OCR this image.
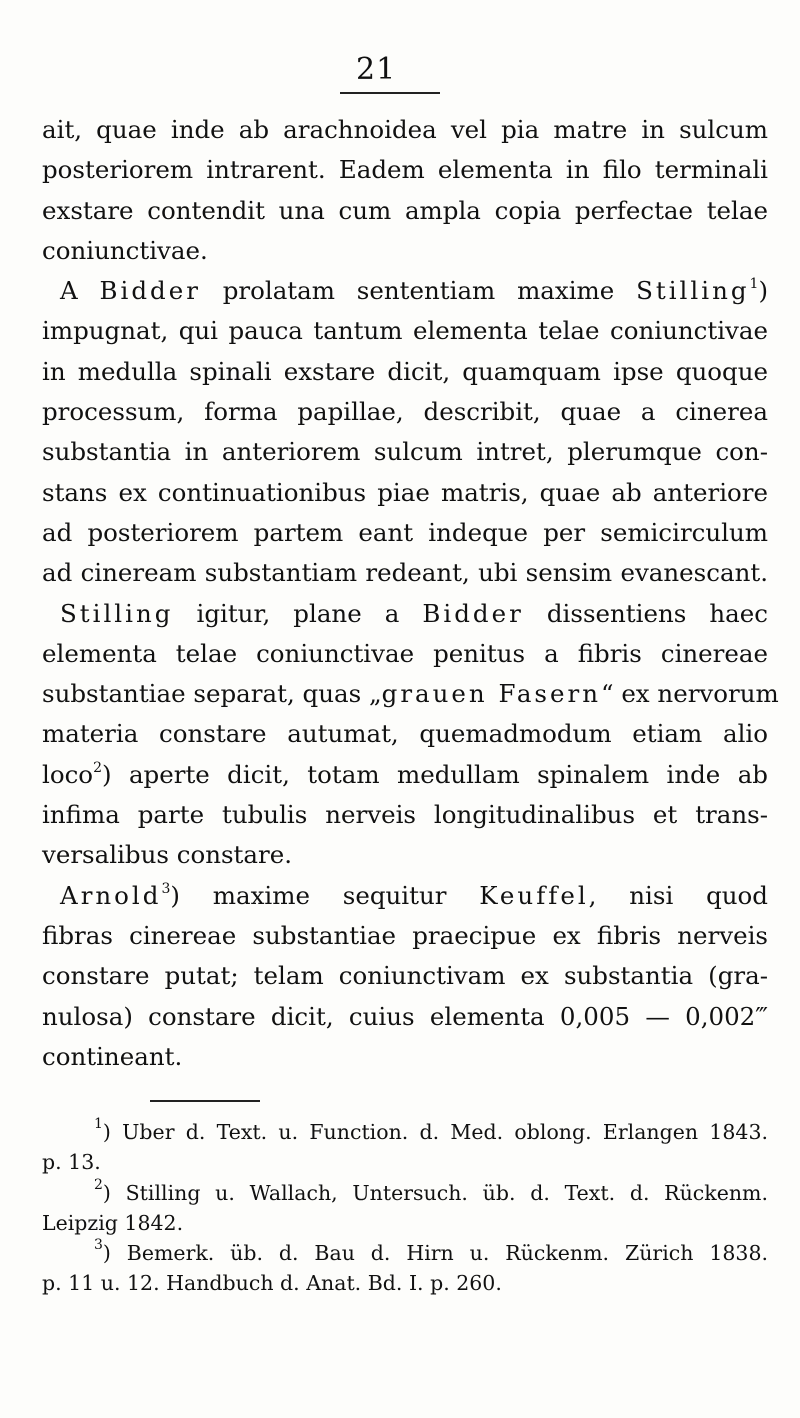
21
ait, quae inde ab arachnoidea vel pia matre in sulcum
posteriorem intrarent. Eadem elementa in filo terminali
exstare contendit una cum ampla copia perfectae telae
coniunctivae.
A Bidder prolatam sententiam maxime Stilling$^1$)
impugnat, qui pauca tantum elementa telae coniunctivae
in medulla spinali exstare dicit, quamquam ipse quoque
processum, forma papillae, describit, quae a cinerea
substantia in anteriorem sulcum intret, plerumque con-
stans ex continuationibus piae matris, quae ab anteriore
ad posteriorem partem eant indeque per semicirculum
ad cineream substantiam redeant, ubi sensim evanescant.
Stilling igitur, plane a Bidder dissentiens haec
elementa telae coniunctivae penitus a fibris cinereae
substantiae separat, quas „grauen Fasern“ ex nervorum
materia constare autumat, quemadmodum etiam alio
loco$^2$) aperte dicit, totam medullam spinalem inde ab
infima parte tubulis nerveis longitudinalibus et trans-
versalibus constare.
Arnold$^3$) maxime sequitur Keuffel, nisi quod
fibras cinereae substantiae praecipue ex fibris nerveis
constare putat; telam coniunctivam ex substantia (gra-
nulosa) constare dicit, cuius elementa 0,005 — 0,002‴
contineant.
$^1$) Uber d. Text. u. Function. d. Med. oblong. Erlangen 1843.
p. 13.
$^2$) Stilling u. Wallach, Untersuch. üb. d. Text. d. Rückenm.
Leipzig 1842.
$^3$) Bemerk. üb. d. Bau d. Hirn u. Rückenm. Zürich 1838.
p. 11 u. 12. Handbuch d. Anat. Bd. I. p. 260.
